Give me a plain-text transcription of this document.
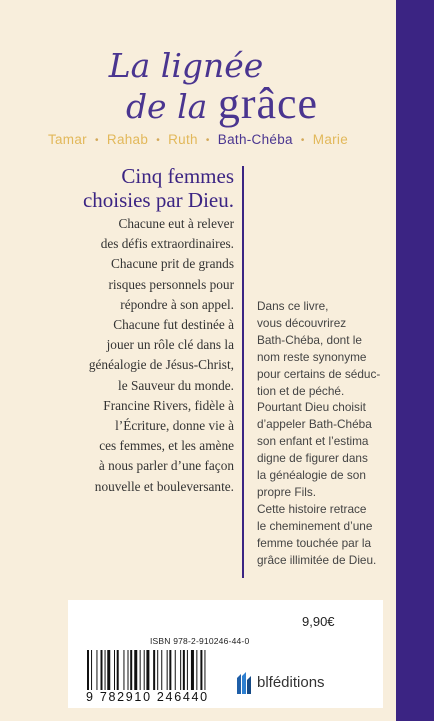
La lignée
de la grâce
Tamar • Rahab • Ruth • Bath-Chéba • Marie
Cinq femmes
choisies par Dieu.
Chacune eut à relever
des défis extraordinaires.
Chacune prit de grands
risques personnels pour
répondre à son appel.
Chacune fut destinée à
jouer un rôle clé dans la
généalogie de Jésus-Christ,
le Sauveur du monde.
Francine Rivers, fidèle à
l’Écriture, donne vie à
ces femmes, et les amène
à nous parler d’une façon
nouvelle et bouleversante.
Dans ce livre,
vous découvrirez
Bath-Chéba, dont le
nom reste synonyme
pour certains de séduc-
tion et de péché.
Pourtant Dieu choisit
d’appeler Bath-Chéba
son enfant et l’estima
digne de figurer dans
la généalogie de son
propre Fils.
Cette histoire retrace
le cheminement d’une
femme touchée par la
grâce illimitée de Dieu.
9,90€
ISBN 978-2-910246-44-0
9 782910 246440
blféditions
